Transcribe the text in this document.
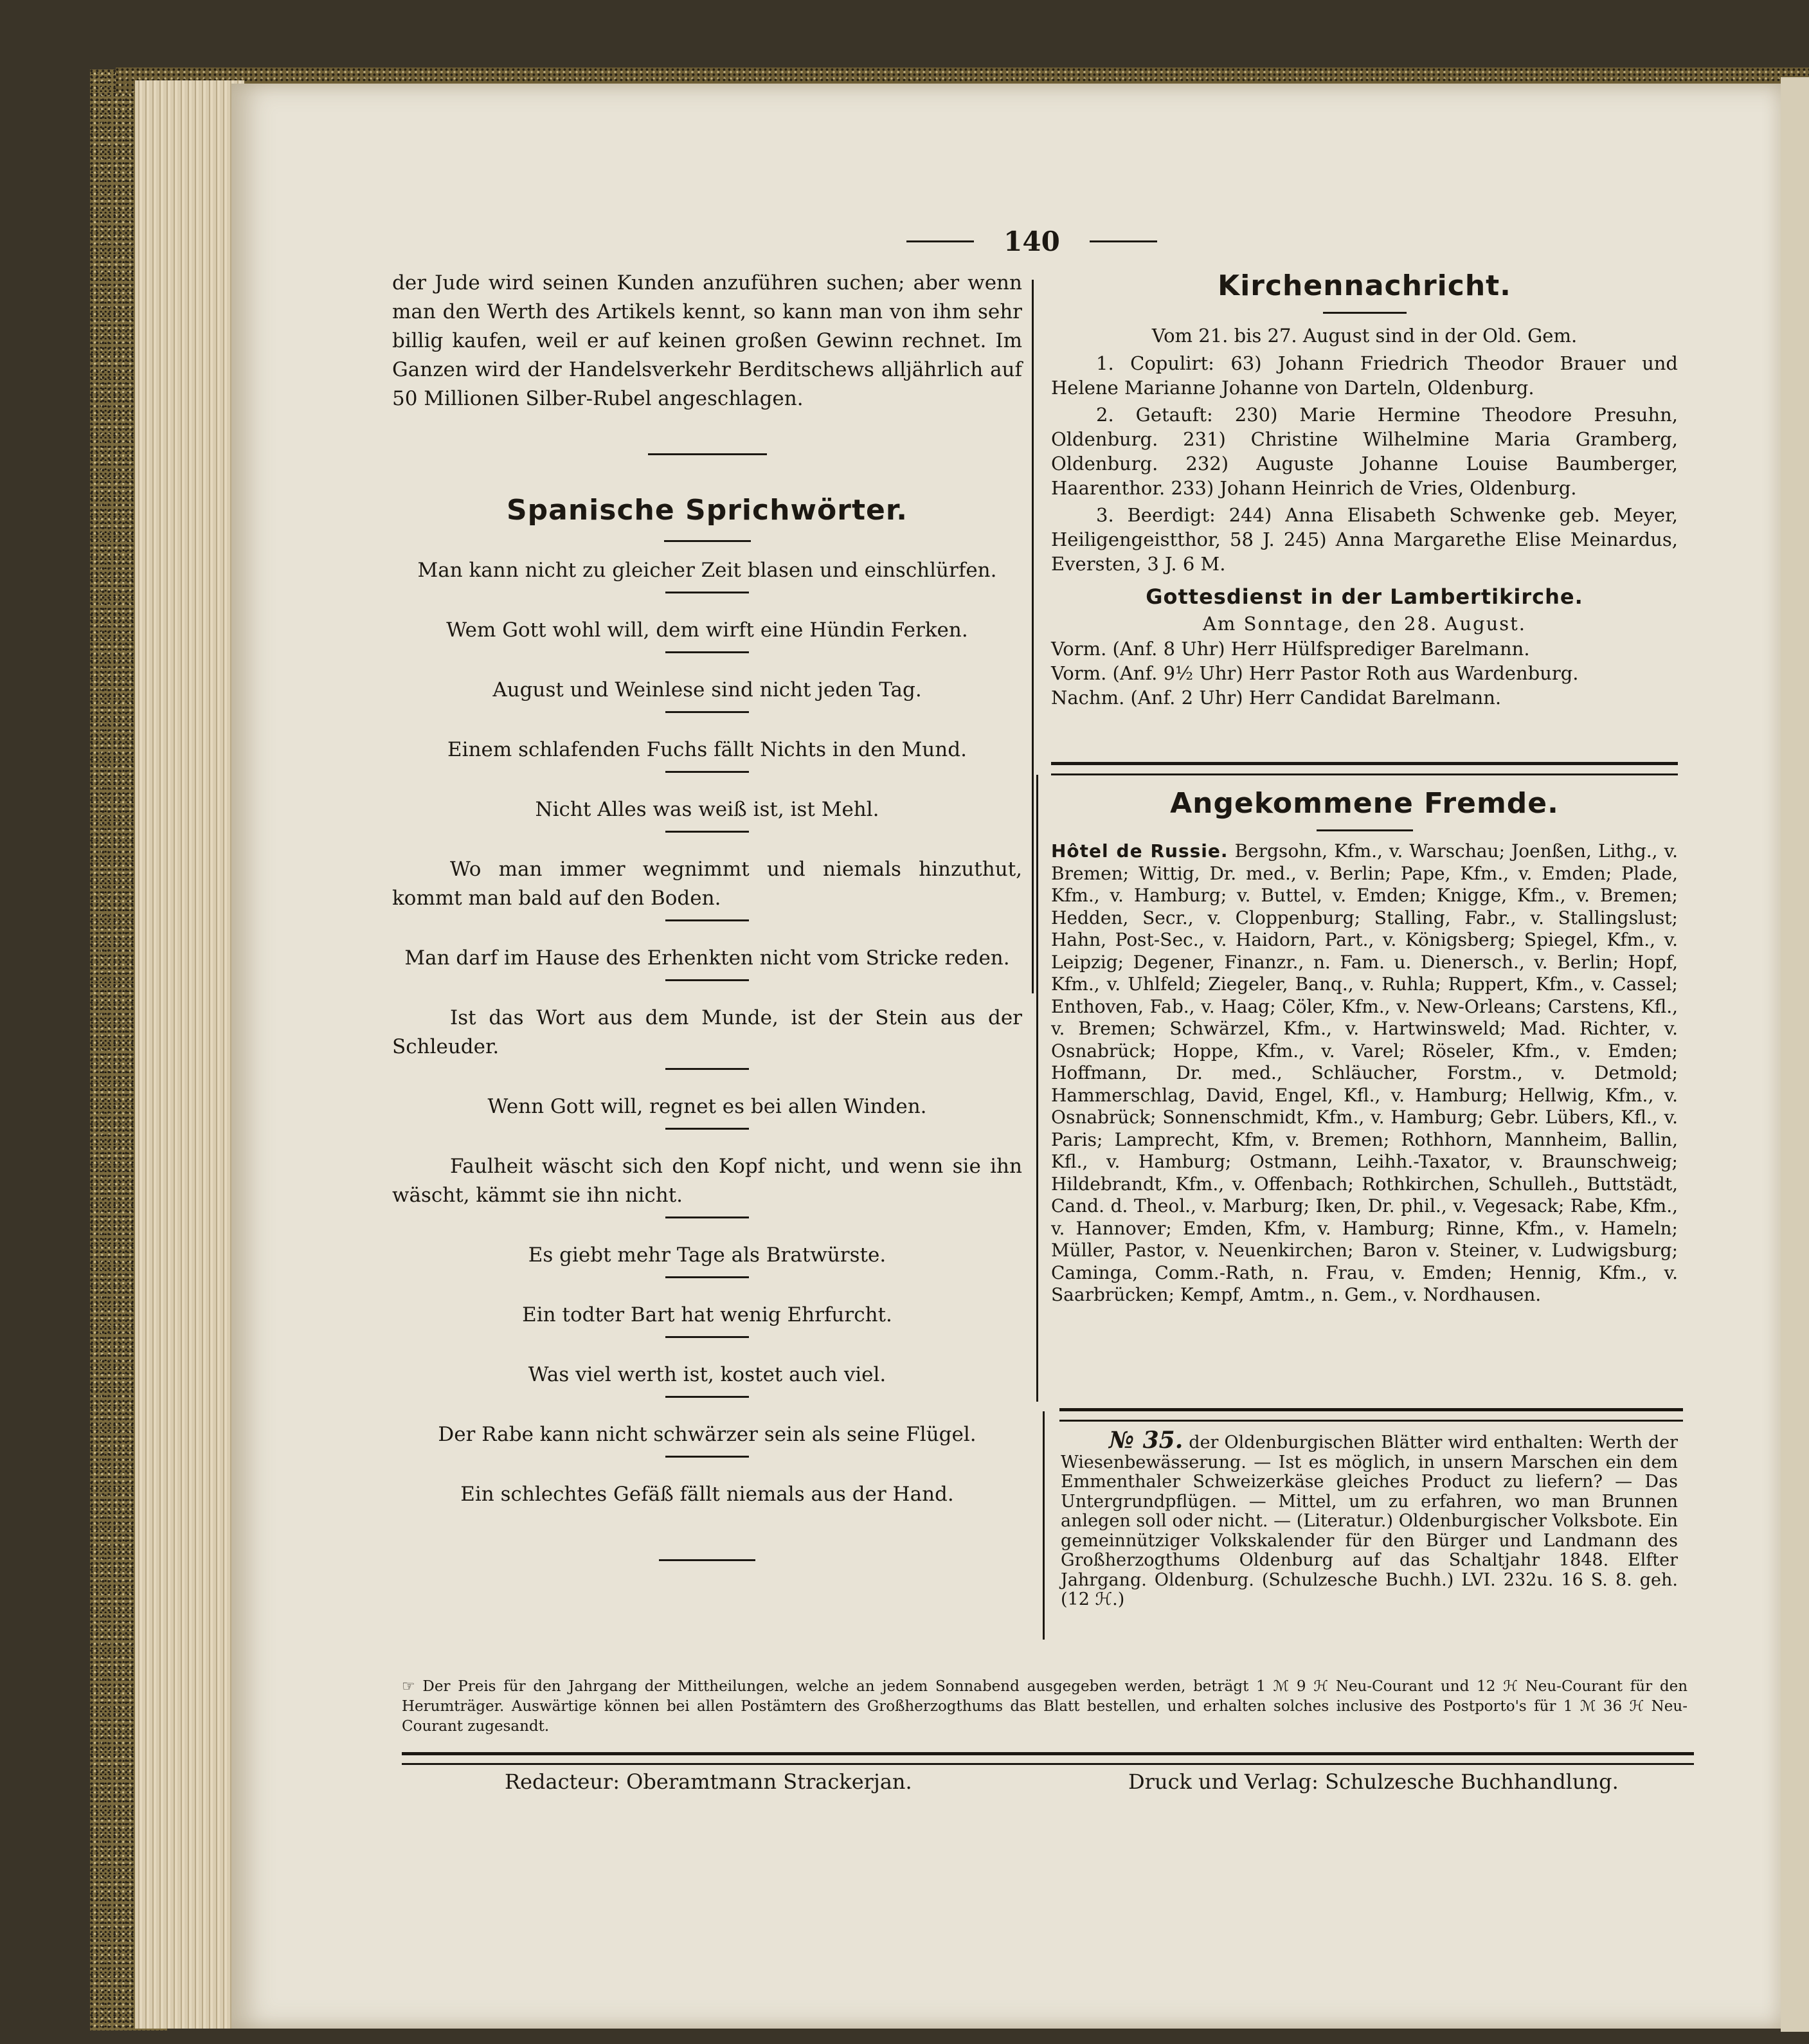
140

der Jude wird seinen Kunden anzuführen suchen; aber wenn man den Werth des Artikels kennt, so kann man von ihm sehr billig kaufen, weil er auf keinen großen Gewinn rechnet. Im Ganzen wird der Handelsverkehr Berditschews alljährlich auf 50 Millionen Silber-Rubel angeschlagen.

Spanische Sprichwörter.

Man kann nicht zu gleicher Zeit blasen und einschlürfen.

Wem Gott wohl will, dem wirft eine Hündin Ferken.

August und Weinlese sind nicht jeden Tag.

Einem schlafenden Fuchs fällt Nichts in den Mund.

Nicht Alles was weiß ist, ist Mehl.

Wo man immer wegnimmt und niemals hinzuthut, kommt man bald auf den Boden.

Man darf im Hause des Erhenkten nicht vom Stricke reden.

Ist das Wort aus dem Munde, ist der Stein aus der Schleuder.

Wenn Gott will, regnet es bei allen Winden.

Faulheit wäscht sich den Kopf nicht, und wenn sie ihn wäscht, kämmt sie ihn nicht.

Es giebt mehr Tage als Bratwürste.

Ein todter Bart hat wenig Ehrfurcht.

Was viel werth ist, kostet auch viel.

Der Rabe kann nicht schwärzer sein als seine Flügel.

Ein schlechtes Gefäß fällt niemals aus der Hand.

Kirchennachricht.

Vom 21. bis 27. August sind in der Old. Gem.

1. Copulirt: 63) Johann Friedrich Theodor Brauer und Helene Marianne Johanne von Darteln, Oldenburg.

2. Getauft: 230) Marie Hermine Theodore Presuhn, Oldenburg. 231) Christine Wilhelmine Maria Gramberg, Oldenburg. 232) Auguste Johanne Louise Baumberger, Haarenthor. 233) Johann Heinrich de Vries, Oldenburg.

3. Beerdigt: 244) Anna Elisabeth Schwenke geb. Meyer, Heiligengeistthor, 58 J. 245) Anna Margarethe Elise Meinardus, Eversten, 3 J. 6 M.

Gottesdienst in der Lambertikirche.

Am Sonntage, den 28. August.

Vorm. (Anf. 8 Uhr) Herr Hülfsprediger Barelmann.

Vorm. (Anf. 9½ Uhr) Herr Pastor Roth aus Wardenburg.

Nachm. (Anf. 2 Uhr) Herr Candidat Barelmann.

Angekommene Fremde.

Hôtel de Russie. Bergsohn, Kfm., v. Warschau; Joenßen, Lithg., v. Bremen; Wittig, Dr. med., v. Berlin; Pape, Kfm., v. Emden; Plade, Kfm., v. Hamburg; v. Buttel, v. Emden; Knigge, Kfm., v. Bremen; Hedden, Secr., v. Cloppenburg; Stalling, Fabr., v. Stallingslust; Hahn, Post-Sec., v. Haidorn, Part., v. Königsberg; Spiegel, Kfm., v. Leipzig; Degener, Finanzr., n. Fam. u. Dienersch., v. Berlin; Hopf, Kfm., v. Uhlfeld; Ziegeler, Banq., v. Ruhla; Ruppert, Kfm., v. Cassel; Enthoven, Fab., v. Haag; Cöler, Kfm., v. New-Orleans; Carstens, Kfl., v. Bremen; Schwärzel, Kfm., v. Hartwinsweld; Mad. Richter, v. Osnabrück; Hoppe, Kfm., v. Varel; Röseler, Kfm., v. Emden; Hoffmann, Dr. med., Schläucher, Forstm., v. Detmold; Hammerschlag, David, Engel, Kfl., v. Hamburg; Hellwig, Kfm., v. Osnabrück; Sonnenschmidt, Kfm., v. Hamburg; Gebr. Lübers, Kfl., v. Paris; Lamprecht, Kfm, v. Bremen; Rothhorn, Mannheim, Ballin, Kfl., v. Hamburg; Ostmann, Leihh.-Taxator, v. Braunschweig; Hildebrandt, Kfm., v. Offenbach; Rothkirchen, Schulleh., Buttstädt, Cand. d. Theol., v. Marburg; Iken, Dr. phil., v. Vegesack; Rabe, Kfm., v. Hannover; Emden, Kfm, v. Hamburg; Rinne, Kfm., v. Hameln; Müller, Pastor, v. Neuenkirchen; Baron v. Steiner, v. Ludwigsburg; Caminga, Comm.-Rath, n. Frau, v. Emden; Hennig, Kfm., v. Saarbrücken; Kempf, Amtm., n. Gem., v. Nordhausen.

№ 35. der Oldenburgischen Blätter wird enthalten: Werth der Wiesenbewässerung. — Ist es möglich, in unsern Marschen ein dem Emmenthaler Schweizerkäse gleiches Product zu liefern? — Das Untergrundpflügen. — Mittel, um zu erfahren, wo man Brunnen anlegen soll oder nicht. — (Literatur.) Oldenburgischer Volksbote. Ein gemeinnütziger Volkskalender für den Bürger und Landmann des Großherzogthums Oldenburg auf das Schaltjahr 1848. Elfter Jahrgang. Oldenburg. (Schulzesche Buchh.) LVI. 232u. 16 S. 8. geh. (12 ℋ.)

☞ Der Preis für den Jahrgang der Mittheilungen, welche an jedem Sonnabend ausgegeben werden, beträgt 1 ℳ 9 ℋ Neu-Courant und 12 ℋ Neu-Courant für den Herumträger. Auswärtige können bei allen Postämtern des Großherzogthums das Blatt bestellen, und erhalten solches inclusive des Postporto's für 1 ℳ 36 ℋ Neu-Courant zugesandt.
Redacteur: Oberamtmann Strackerjan.	Druck und Verlag: Schulzesche Buchhandlung.
